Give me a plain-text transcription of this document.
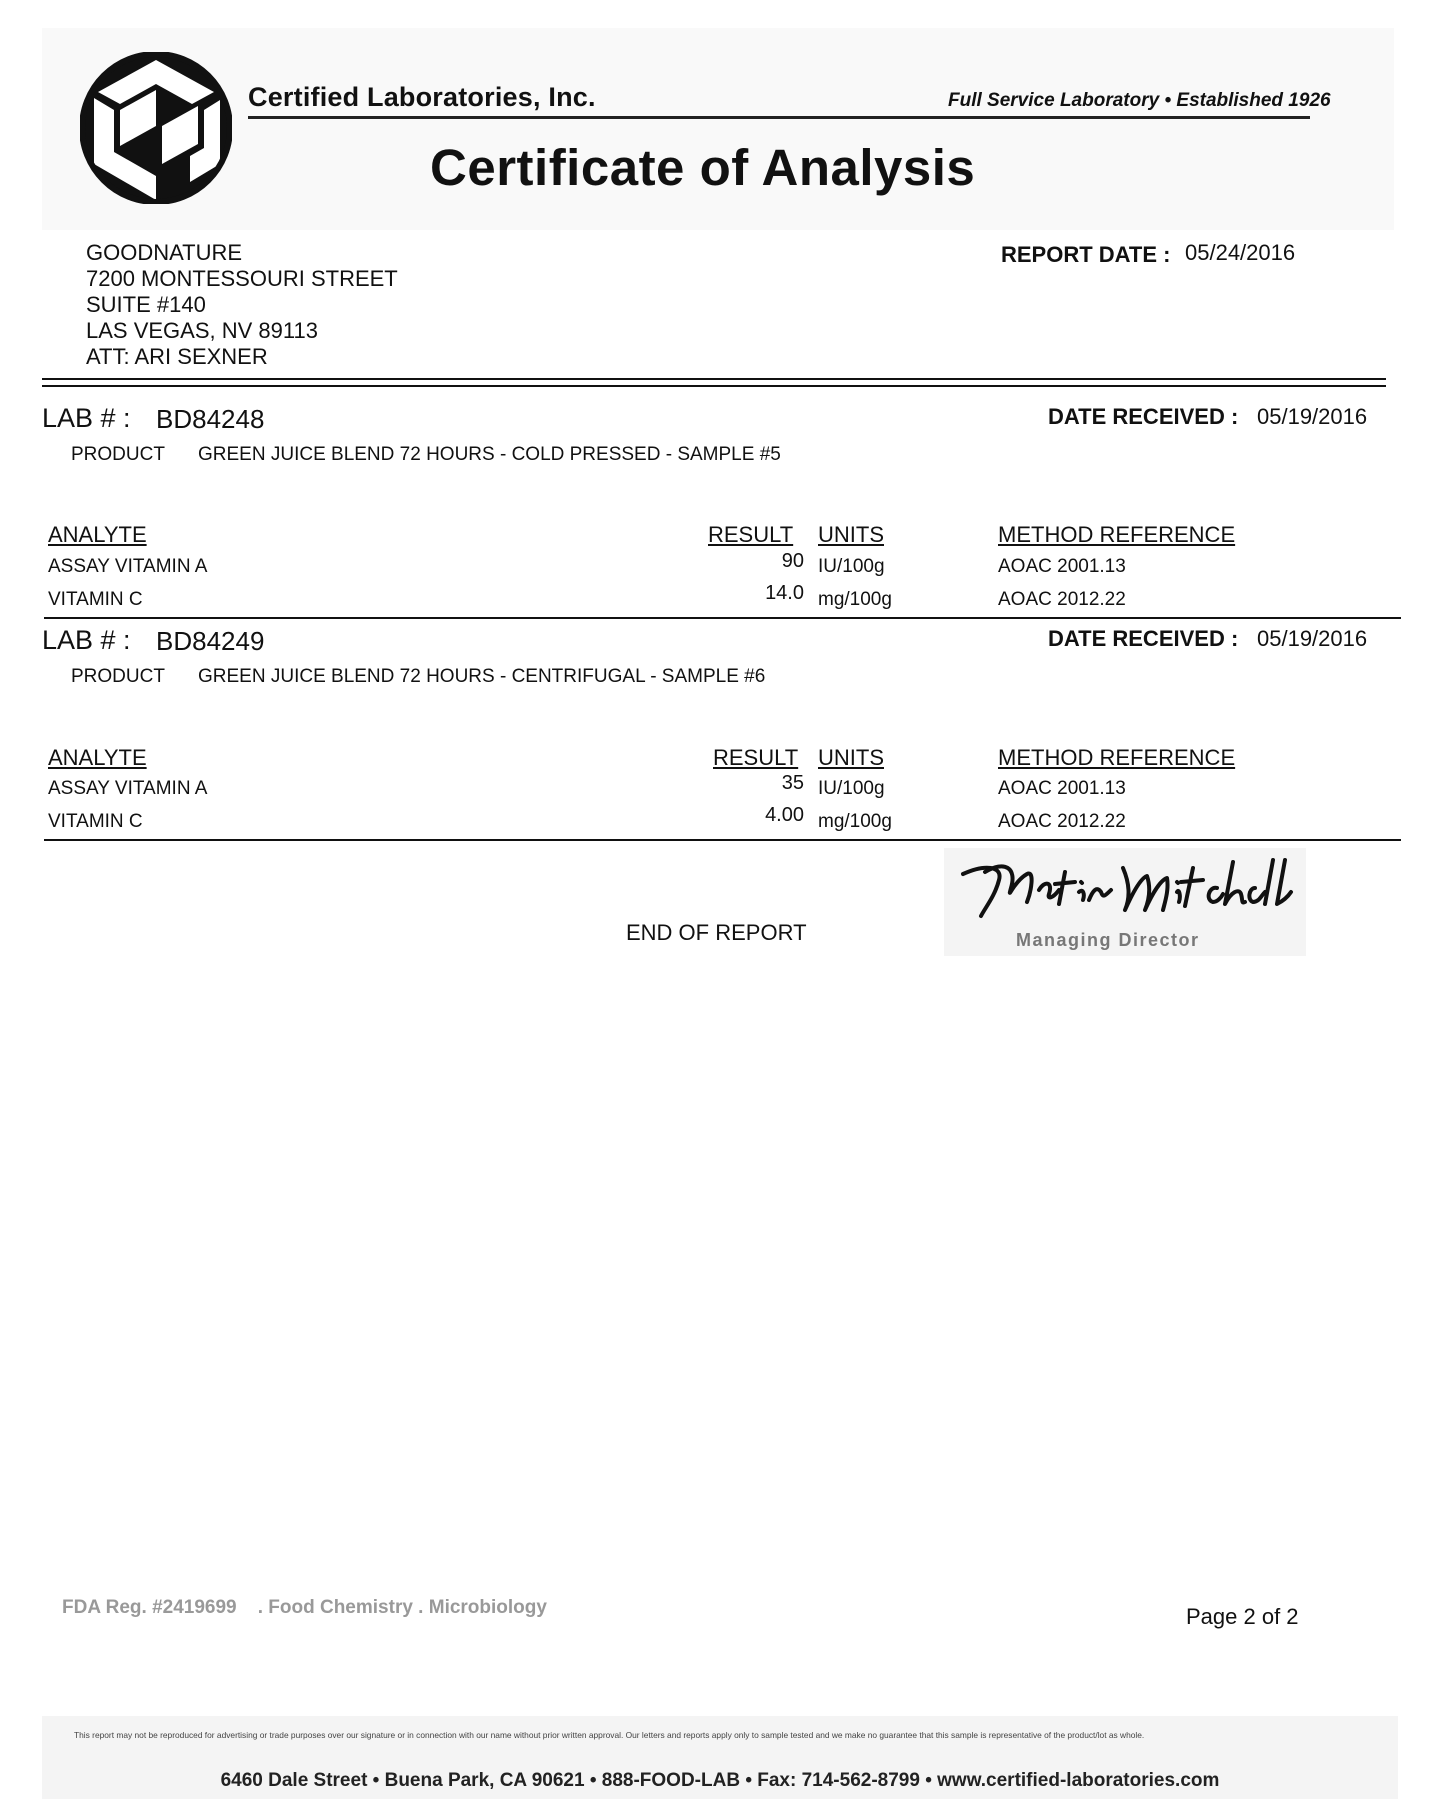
Certified Laboratories, Inc.	Full Service Laboratory • Established 1926
Certificate of Analysis
GOODNATURE
7200 MONTESSOURI STREET
SUITE #140
LAS VEGAS, NV 89113
ATT: ARI SEXNER
REPORT DATE : 05/24/2016
LAB # : BD84248	DATE RECEIVED : 05/19/2016
PRODUCT GREEN JUICE BLEND 72 HOURS - COLD PRESSED - SAMPLE #5
ANALYTE	RESULT UNITS	METHOD REFERENCE
ASSAY VITAMIN A	90 IU/100g	AOAC 2001.13
VITAMIN C	14.0 mg/100g	AOAC 2012.22
LAB # : BD84249	DATE RECEIVED : 05/19/2016
PRODUCT GREEN JUICE BLEND 72 HOURS - CENTRIFUGAL - SAMPLE #6
ANALYTE	RESULT UNITS	METHOD REFERENCE
ASSAY VITAMIN A	35 IU/100g	AOAC 2001.13
VITAMIN C	4.00 mg/100g	AOAC 2012.22
END OF REPORT	Managing Director
FDA Reg. #2419699    . Food Chemistry . Microbiology	Page 2 of 2
This report may not be reproduced for advertising or trade purposes over our signature or in connection with our name without prior written approval. Our letters and reports apply only to sample tested and we make no guarantee that this sample is representative of the product/lot as whole.
6460 Dale Street • Buena Park, CA 90621 • 888-FOOD-LAB • Fax: 714-562-8799 • www.certified-laboratories.com
